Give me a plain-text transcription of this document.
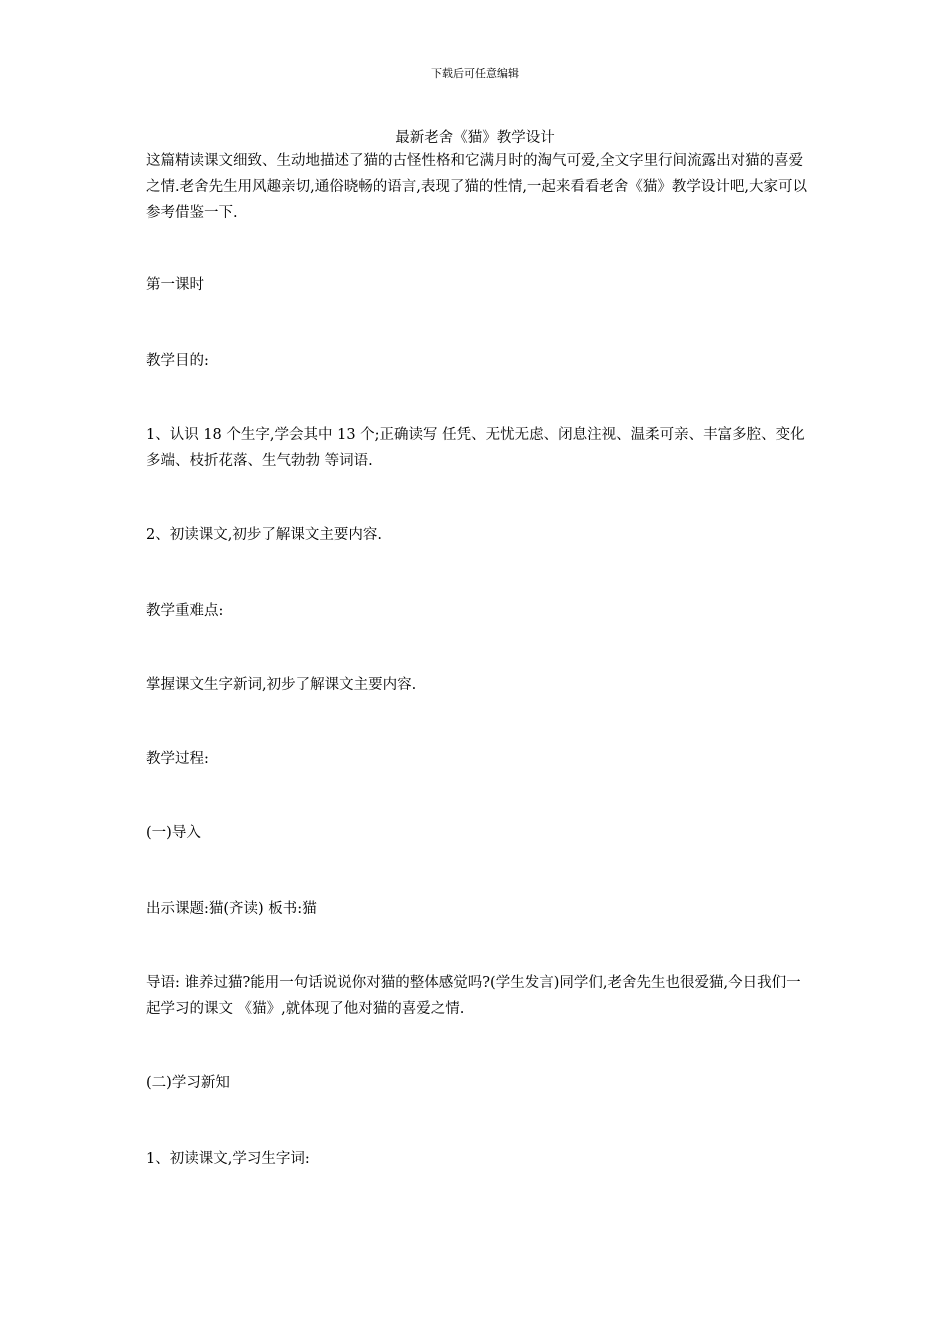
下载后可任意编辑
最新老舍《猫》教学设计

这篇精读课文细致、生动地描述了猫的古怪性格和它满月时的淘气可爱,全文字里行间流露出对猫的喜爱之情.老舍先生用风趣亲切,通俗晓畅的语言,表现了猫的性情,一起来看看老舍《猫》教学设计吧,大家可以参考借鉴一下.

第一课时

教学目的:

1、认识 18 个生字,学会其中 13 个;正确读写 任凭、无忧无虑、闭息注视、温柔可亲、丰富多腔、变化多端、枝折花落、生气勃勃 等词语.

2、初读课文,初步了解课文主要内容.

教学重难点:

掌握课文生字新词,初步了解课文主要内容.

教学过程:

(一)导入

出示课题:猫(齐读) 板书:猫

导语: 谁养过猫?能用一句话说说你对猫的整体感觉吗?(学生发言)同学们,老舍先生也很爱猫,今日我们一起学习的课文 《猫》,就体现了他对猫的喜爱之情.

(二)学习新知

1、初读课文,学习生字词:
